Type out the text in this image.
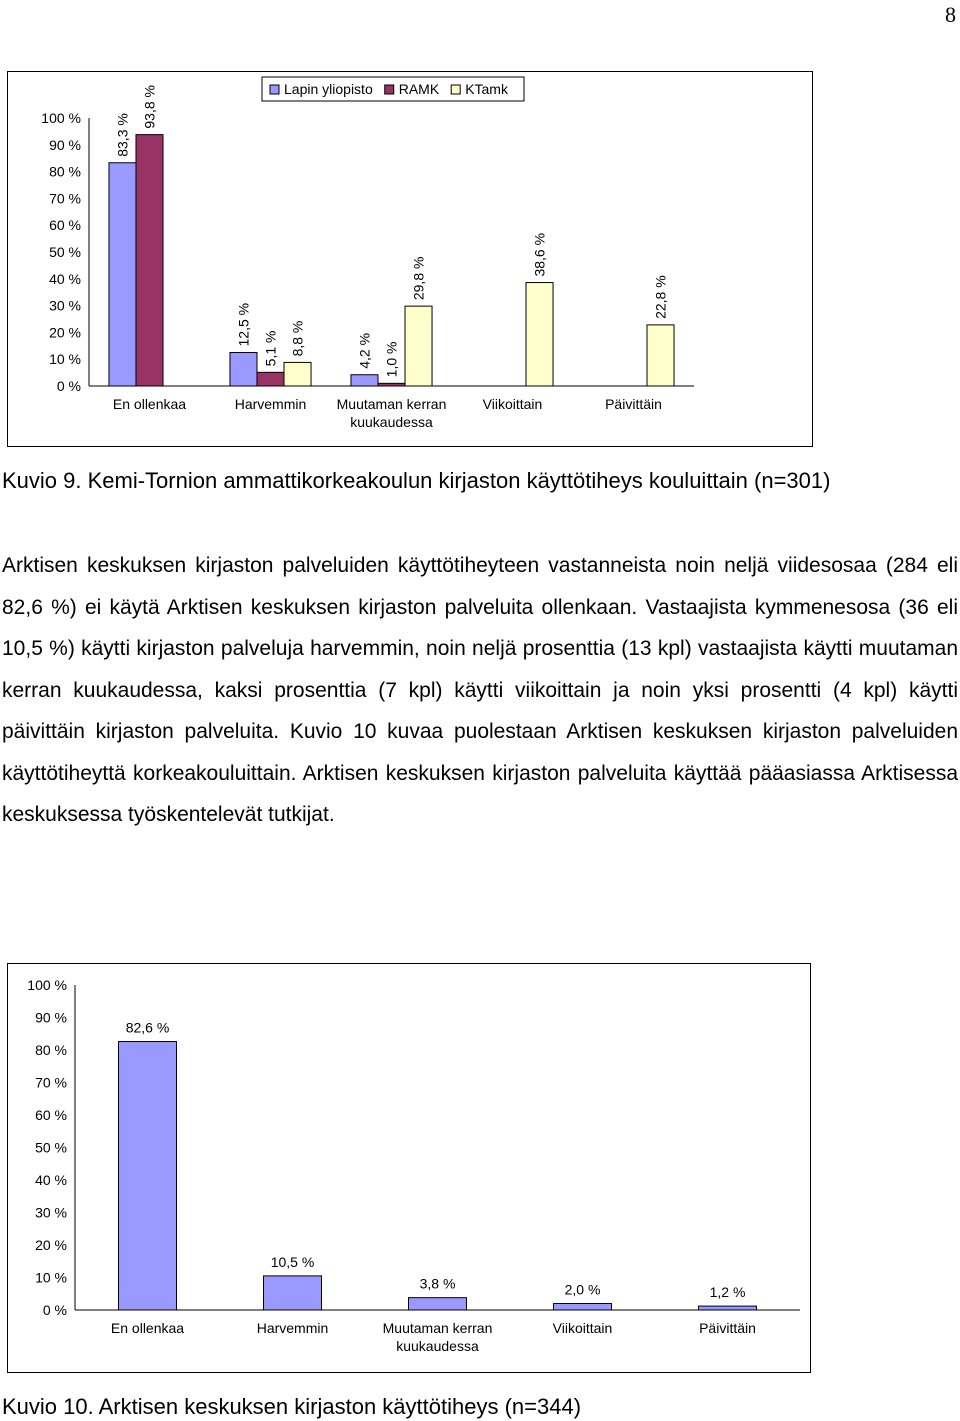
8
0 %
10 %
20 %
30 %
40 %
50 %
60 %
70 %
80 %
90 %
100 %
En ollenkaa	Harvemmin Muutaman kerran kuukaudessa
Viikoittain	Päivittäin
83,3 %
12,5 %
4,2 %
93,8 %
5,1 %	1,0 %
8,8 %
29,8 %
38,6 %
22,8 %
Lapin yliopisto RAMK KTamk
Kuvio 9. Kemi-Tornion ammattikorkeakoulun kirjaston käyttötiheys kouluittain (n=301)
Arktisen keskuksen kirjaston palveluiden käyttötiheyteen vastanneista noin neljä viidesosaa (284 eli 82,6 %) ei käytä Arktisen keskuksen kirjaston palveluita ollenkaan. Vastaajista kymmenesosa (36 eli 10,5 %) käytti kirjaston palveluja harvemmin, noin neljä prosenttia (13 kpl) vastaajista käytti muutaman kerran kuukaudessa, kaksi prosenttia (7 kpl) käytti viikoittain ja noin yksi prosentti (4 kpl) käytti päivittäin kirjaston palveluita. Kuvio 10 kuvaa puolestaan Arktisen keskuksen kirjaston palveluiden käyttötiheyttä korkeakouluittain. Arktisen keskuksen kirjaston palveluita käyttää pääasiassa Arktisessa keskuksessa työskentelevät tutkijat.
0 %
10 %
20 %
30 %
40 %
50 %
60 %
70 %
80 %
90 %
100 %
En ollenkaa	Harvemmin	Muutaman kerran kuukaudessa
Viikoittain	Päivittäin
82,6 %
10,5 %
3,8 %	2,0 %	1,2 %
Kuvio 10. Arktisen keskuksen kirjaston käyttötiheys (n=344)
